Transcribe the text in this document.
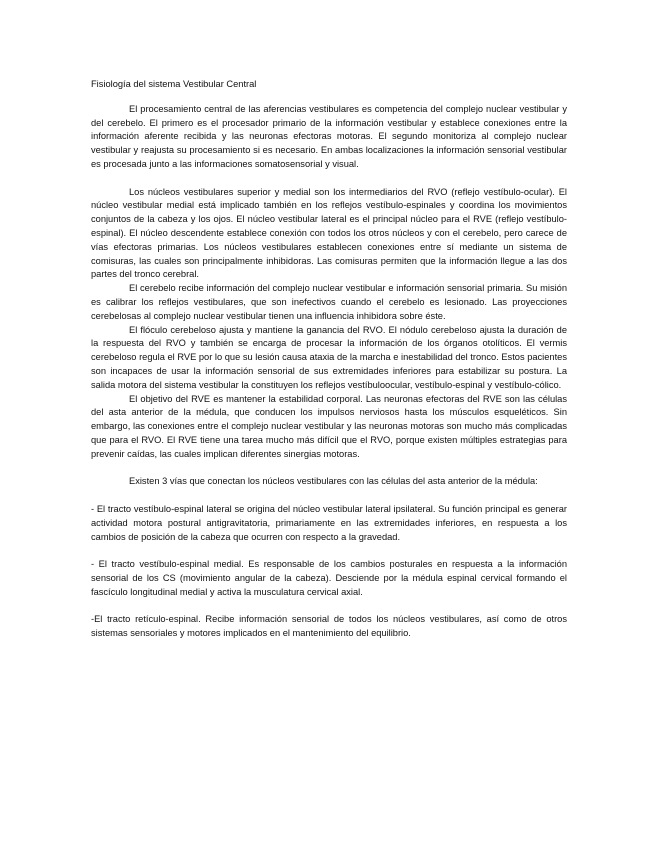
Fisiología del sistema Vestibular Central

El procesamiento central de las aferencias vestibulares es competencia del complejo nuclear vestibular y del cerebelo. El primero es el procesador primario de la información vestibular y establece conexiones entre la información aferente recibida y las neuronas efectoras motoras. El segundo monitoriza al complejo nuclear vestibular y reajusta su procesamiento si es necesario. En ambas localizaciones la información sensorial vestibular es procesada junto a las informaciones somatosensorial y visual.

Los núcleos vestibulares superior y medial son los intermediarios del RVO (reflejo vestíbulo-ocular). El núcleo vestibular medial está implicado también en los reflejos vestíbulo-espinales y coordina los movimientos conjuntos de la cabeza y los ojos. El núcleo vestibular lateral es el principal núcleo para el RVE (reflejo vestíbulo-espinal). El núcleo descendente establece conexión con todos los otros núcleos y con el cerebelo, pero carece de vías efectoras primarias. Los núcleos vestibulares establecen conexiones entre sí mediante un sistema de comisuras, las cuales son principalmente inhibidoras. Las comisuras permiten que la información llegue a las dos partes del tronco cerebral.

El cerebelo recibe información del complejo nuclear vestibular e información sensorial primaria. Su misión es calibrar los reflejos vestibulares, que son inefectivos cuando el cerebelo es lesionado. Las proyecciones cerebelosas al complejo nuclear vestibular tienen una influencia inhibidora sobre éste.

El flóculo cerebeloso ajusta y mantiene la ganancia del RVO. El nódulo cerebeloso ajusta la duración de la respuesta del RVO y también se encarga de procesar la información de los órganos otolíticos. El vermis cerebeloso regula el RVE por lo que su lesión causa ataxia de la marcha e inestabilidad del tronco. Estos pacientes son incapaces de usar la información sensorial de sus extremidades inferiores para estabilizar su postura. La salida motora del sistema vestibular la constituyen los reflejos vestíbuloocular, vestíbulo-espinal y vestíbulo-cólico.

El objetivo del RVE es mantener la estabilidad corporal. Las neuronas efectoras del RVE son las células del asta anterior de la médula, que conducen los impulsos nerviosos hasta los músculos esqueléticos. Sin embargo, las conexiones entre el complejo nuclear vestibular y las neuronas motoras son mucho más complicadas que para el RVO. El RVE tiene una tarea mucho más difícil que el RVO, porque existen múltiples estrategias para prevenir caídas, las cuales implican diferentes sinergias motoras.

Existen 3 vías que conectan los núcleos vestibulares con las células del asta anterior de la médula:

- El tracto vestíbulo-espinal lateral se origina del núcleo vestibular lateral ipsilateral. Su función principal es generar actividad motora postural antigravitatoria, primariamente en las extremidades inferiores, en respuesta a los cambios de posición de la cabeza que ocurren con respecto a la gravedad.

- El tracto vestíbulo-espinal medial. Es responsable de los cambios posturales en respuesta a la información sensorial de los CS (movimiento angular de la cabeza). Desciende por la médula espinal cervical formando el fascículo longitudinal medial y activa la musculatura cervical axial.

-El tracto retículo-espinal. Recibe información sensorial de todos los núcleos vestibulares, así como de otros sistemas sensoriales y motores implicados en el mantenimiento del equilibrio.
